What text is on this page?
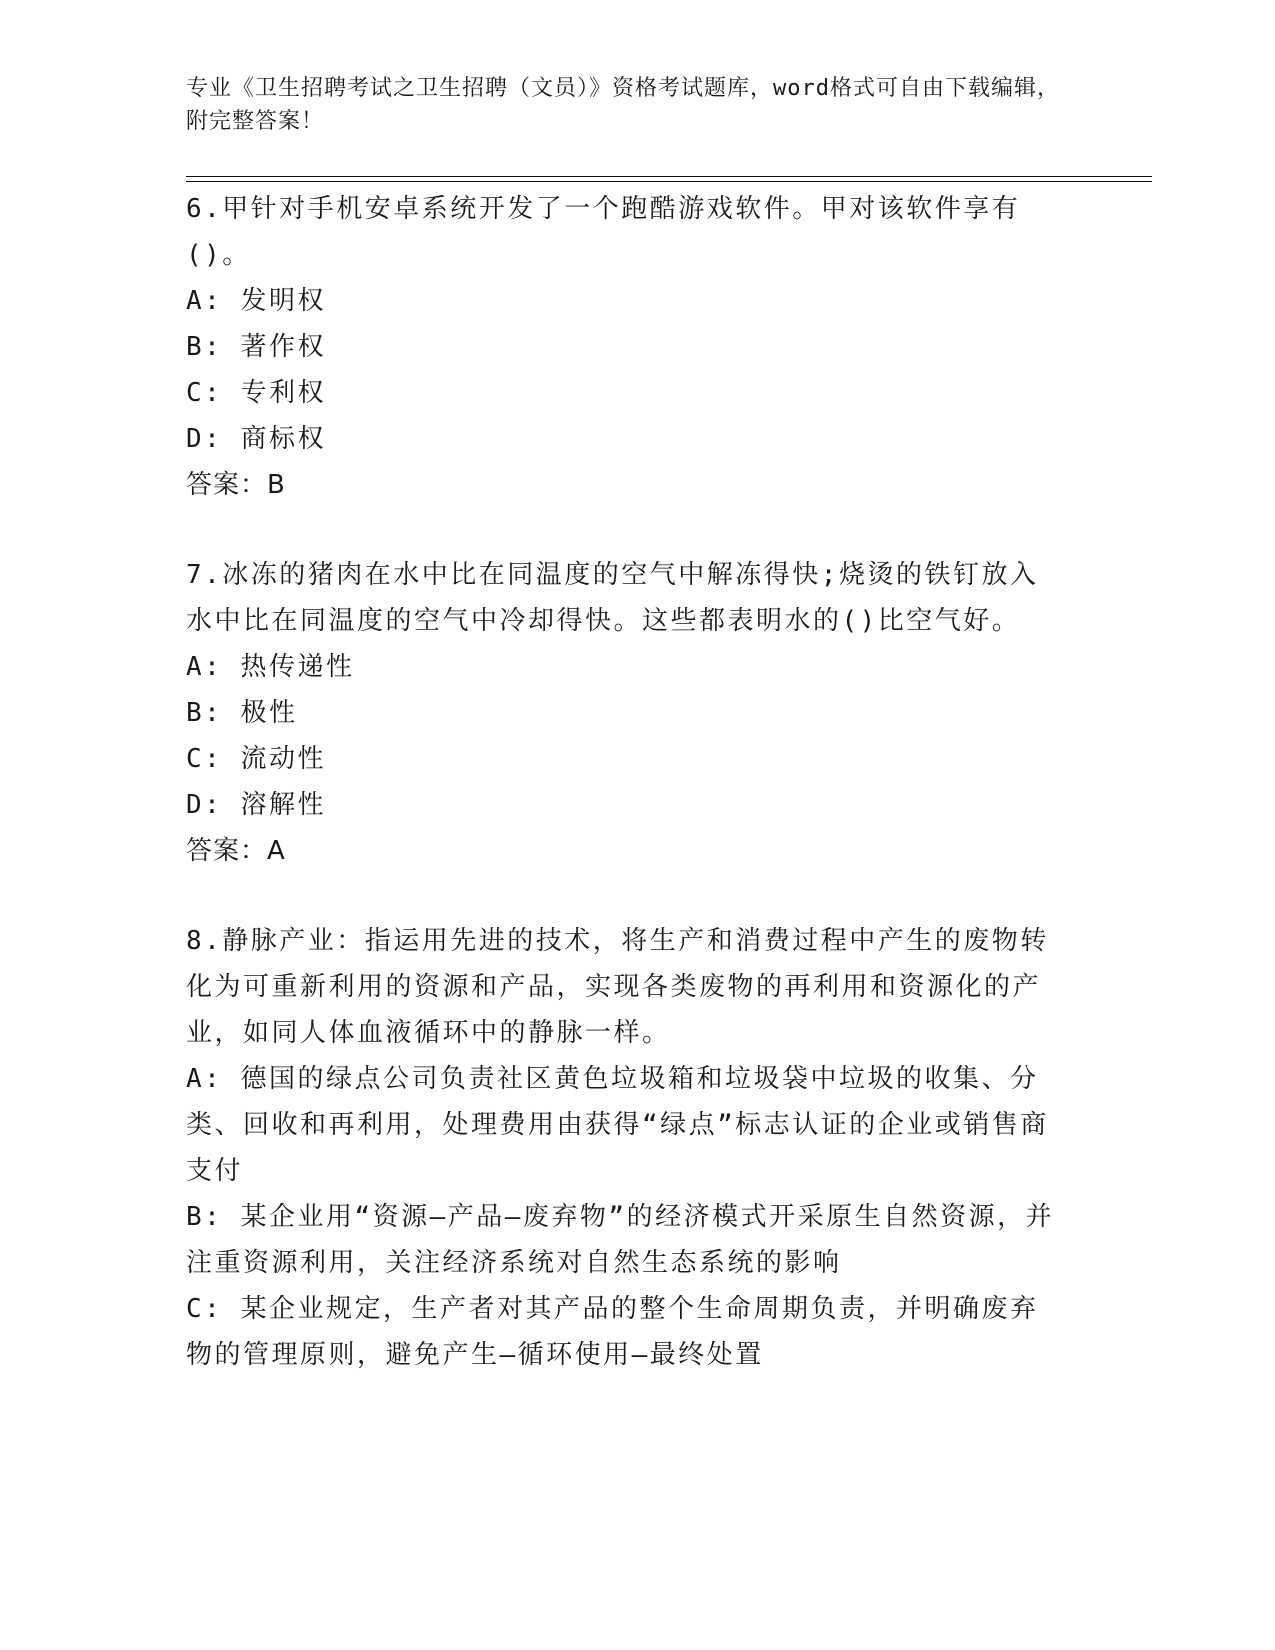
专业《卫生招聘考试之卫生招聘（文员）》资格考试题库，word格式可自由下载编辑，附完整答案！

6.甲针对手机安卓系统开发了一个跑酷游戏软件。甲对该软件享有()。

A: 发明权

B: 著作权

C: 专利权

D: 商标权

答案：B

7.冰冻的猪肉在水中比在同温度的空气中解冻得快;烧烫的铁钉放入水中比在同温度的空气中冷却得快。这些都表明水的()比空气好。

A: 热传递性

B: 极性

C: 流动性

D: 溶解性

答案：A

8.静脉产业：指运用先进的技术，将生产和消费过程中产生的废物转化为可重新利用的资源和产品，实现各类废物的再利用和资源化的产业，如同人体血液循环中的静脉一样。

A: 德国的绿点公司负责社区黄色垃圾箱和垃圾袋中垃圾的收集、分类、回收和再利用，处理费用由获得“绿点”标志认证的企业或销售商支付

B: 某企业用“资源—产品—废弃物”的经济模式开采原生自然资源，并注重资源利用，关注经济系统对自然生态系统的影响

C: 某企业规定，生产者对其产品的整个生命周期负责，并明确废弃物的管理原则，避免产生—循环使用—最终处置
